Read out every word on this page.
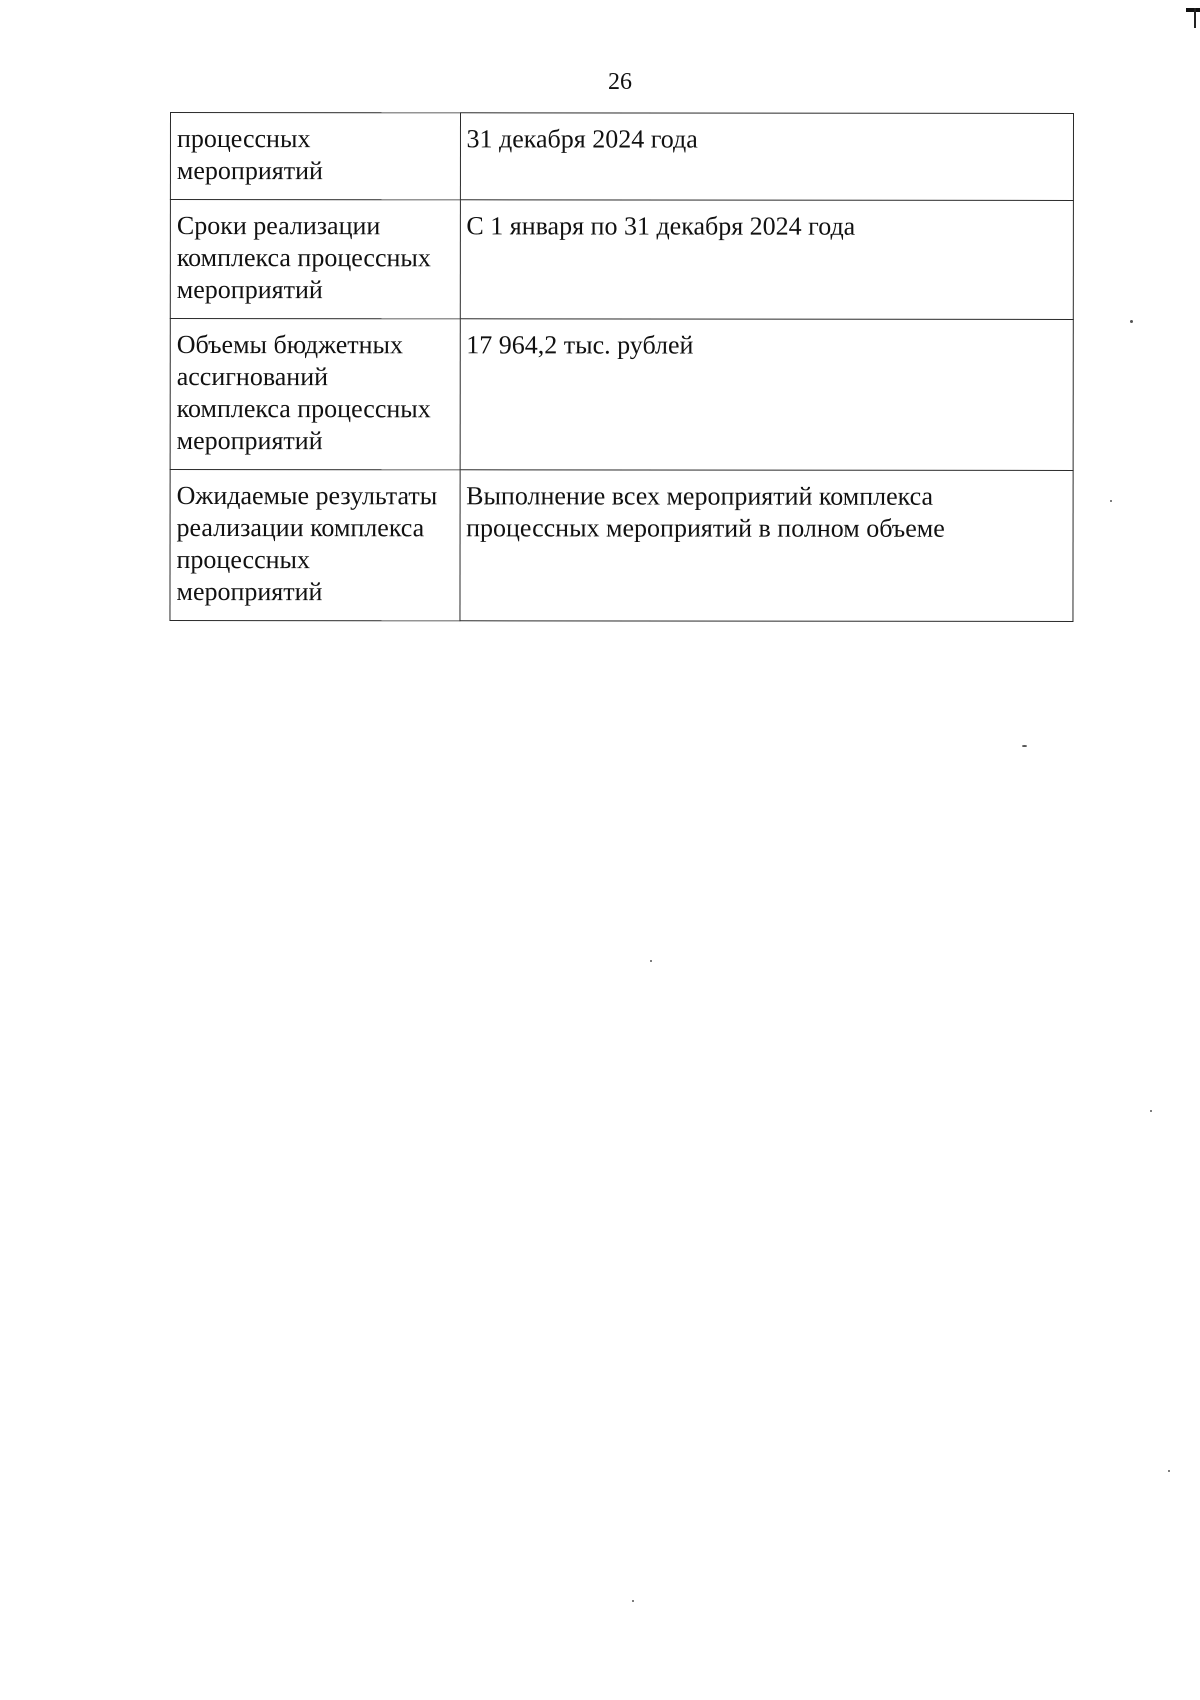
26
процессных
мероприятий	31 декабря 2024 года

Сроки реализации
комплекса процессных
мероприятий	С 1 января по 31 декабря 2024 года

Объемы бюджетных
ассигнований
комплекса процессных
мероприятий	17 964,2 тыс. рублей

Ожидаемые результаты
реализации комплекса
процессных
мероприятий	Выполнение всех мероприятий комплекса
процессных мероприятий в полном объеме
